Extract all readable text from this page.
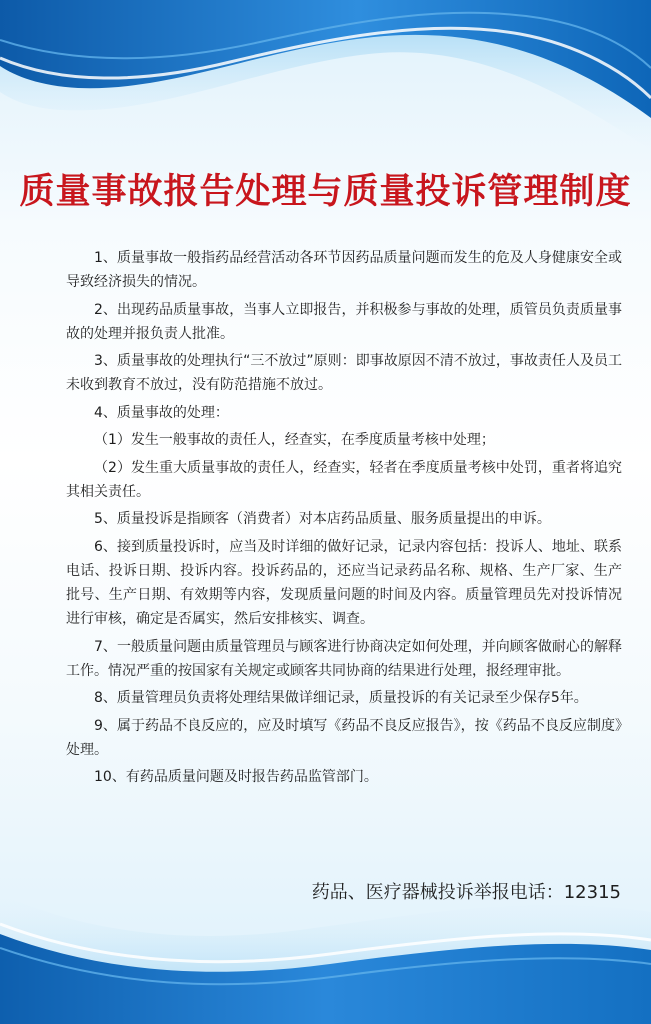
质量事故报告处理与质量投诉管理制度

1、质量事故一般指药品经营活动各环节因药品质量问题而发生的危及人身健康安全或导致经济损失的情况。

2、出现药品质量事故，当事人立即报告，并积极参与事故的处理，质管员负责质量事故的处理并报负责人批准。

3、质量事故的处理执行“三不放过”原则：即事故原因不清不放过，事故责任人及员工未收到教育不放过，没有防范措施不放过。

4、质量事故的处理：

（1）发生一般事故的责任人，经查实，在季度质量考核中处理；

（2）发生重大质量事故的责任人，经查实，轻者在季度质量考核中处罚，重者将追究其相关责任。

5、质量投诉是指顾客（消费者）对本店药品质量、服务质量提出的申诉。

6、接到质量投诉时，应当及时详细的做好记录，记录内容包括：投诉人、地址、联系电话、投诉日期、投诉内容。投诉药品的，还应当记录药品名称、规格、生产厂家、生产批号、生产日期、有效期等内容，发现质量问题的时间及内容。质量管理员先对投诉情况进行审核，确定是否属实，然后安排核实、调查。

7、一般质量问题由质量管理员与顾客进行协商决定如何处理，并向顾客做耐心的解释工作。情况严重的按国家有关规定或顾客共同协商的结果进行处理，报经理审批。

8、质量管理员负责将处理结果做详细记录，质量投诉的有关记录至少保存5年。

9、属于药品不良反应的，应及时填写《药品不良反应报告》，按《药品不良反应制度》处理。

10、有药品质量问题及时报告药品监管部门。

药品、医疗器械投诉举报电话：12315
